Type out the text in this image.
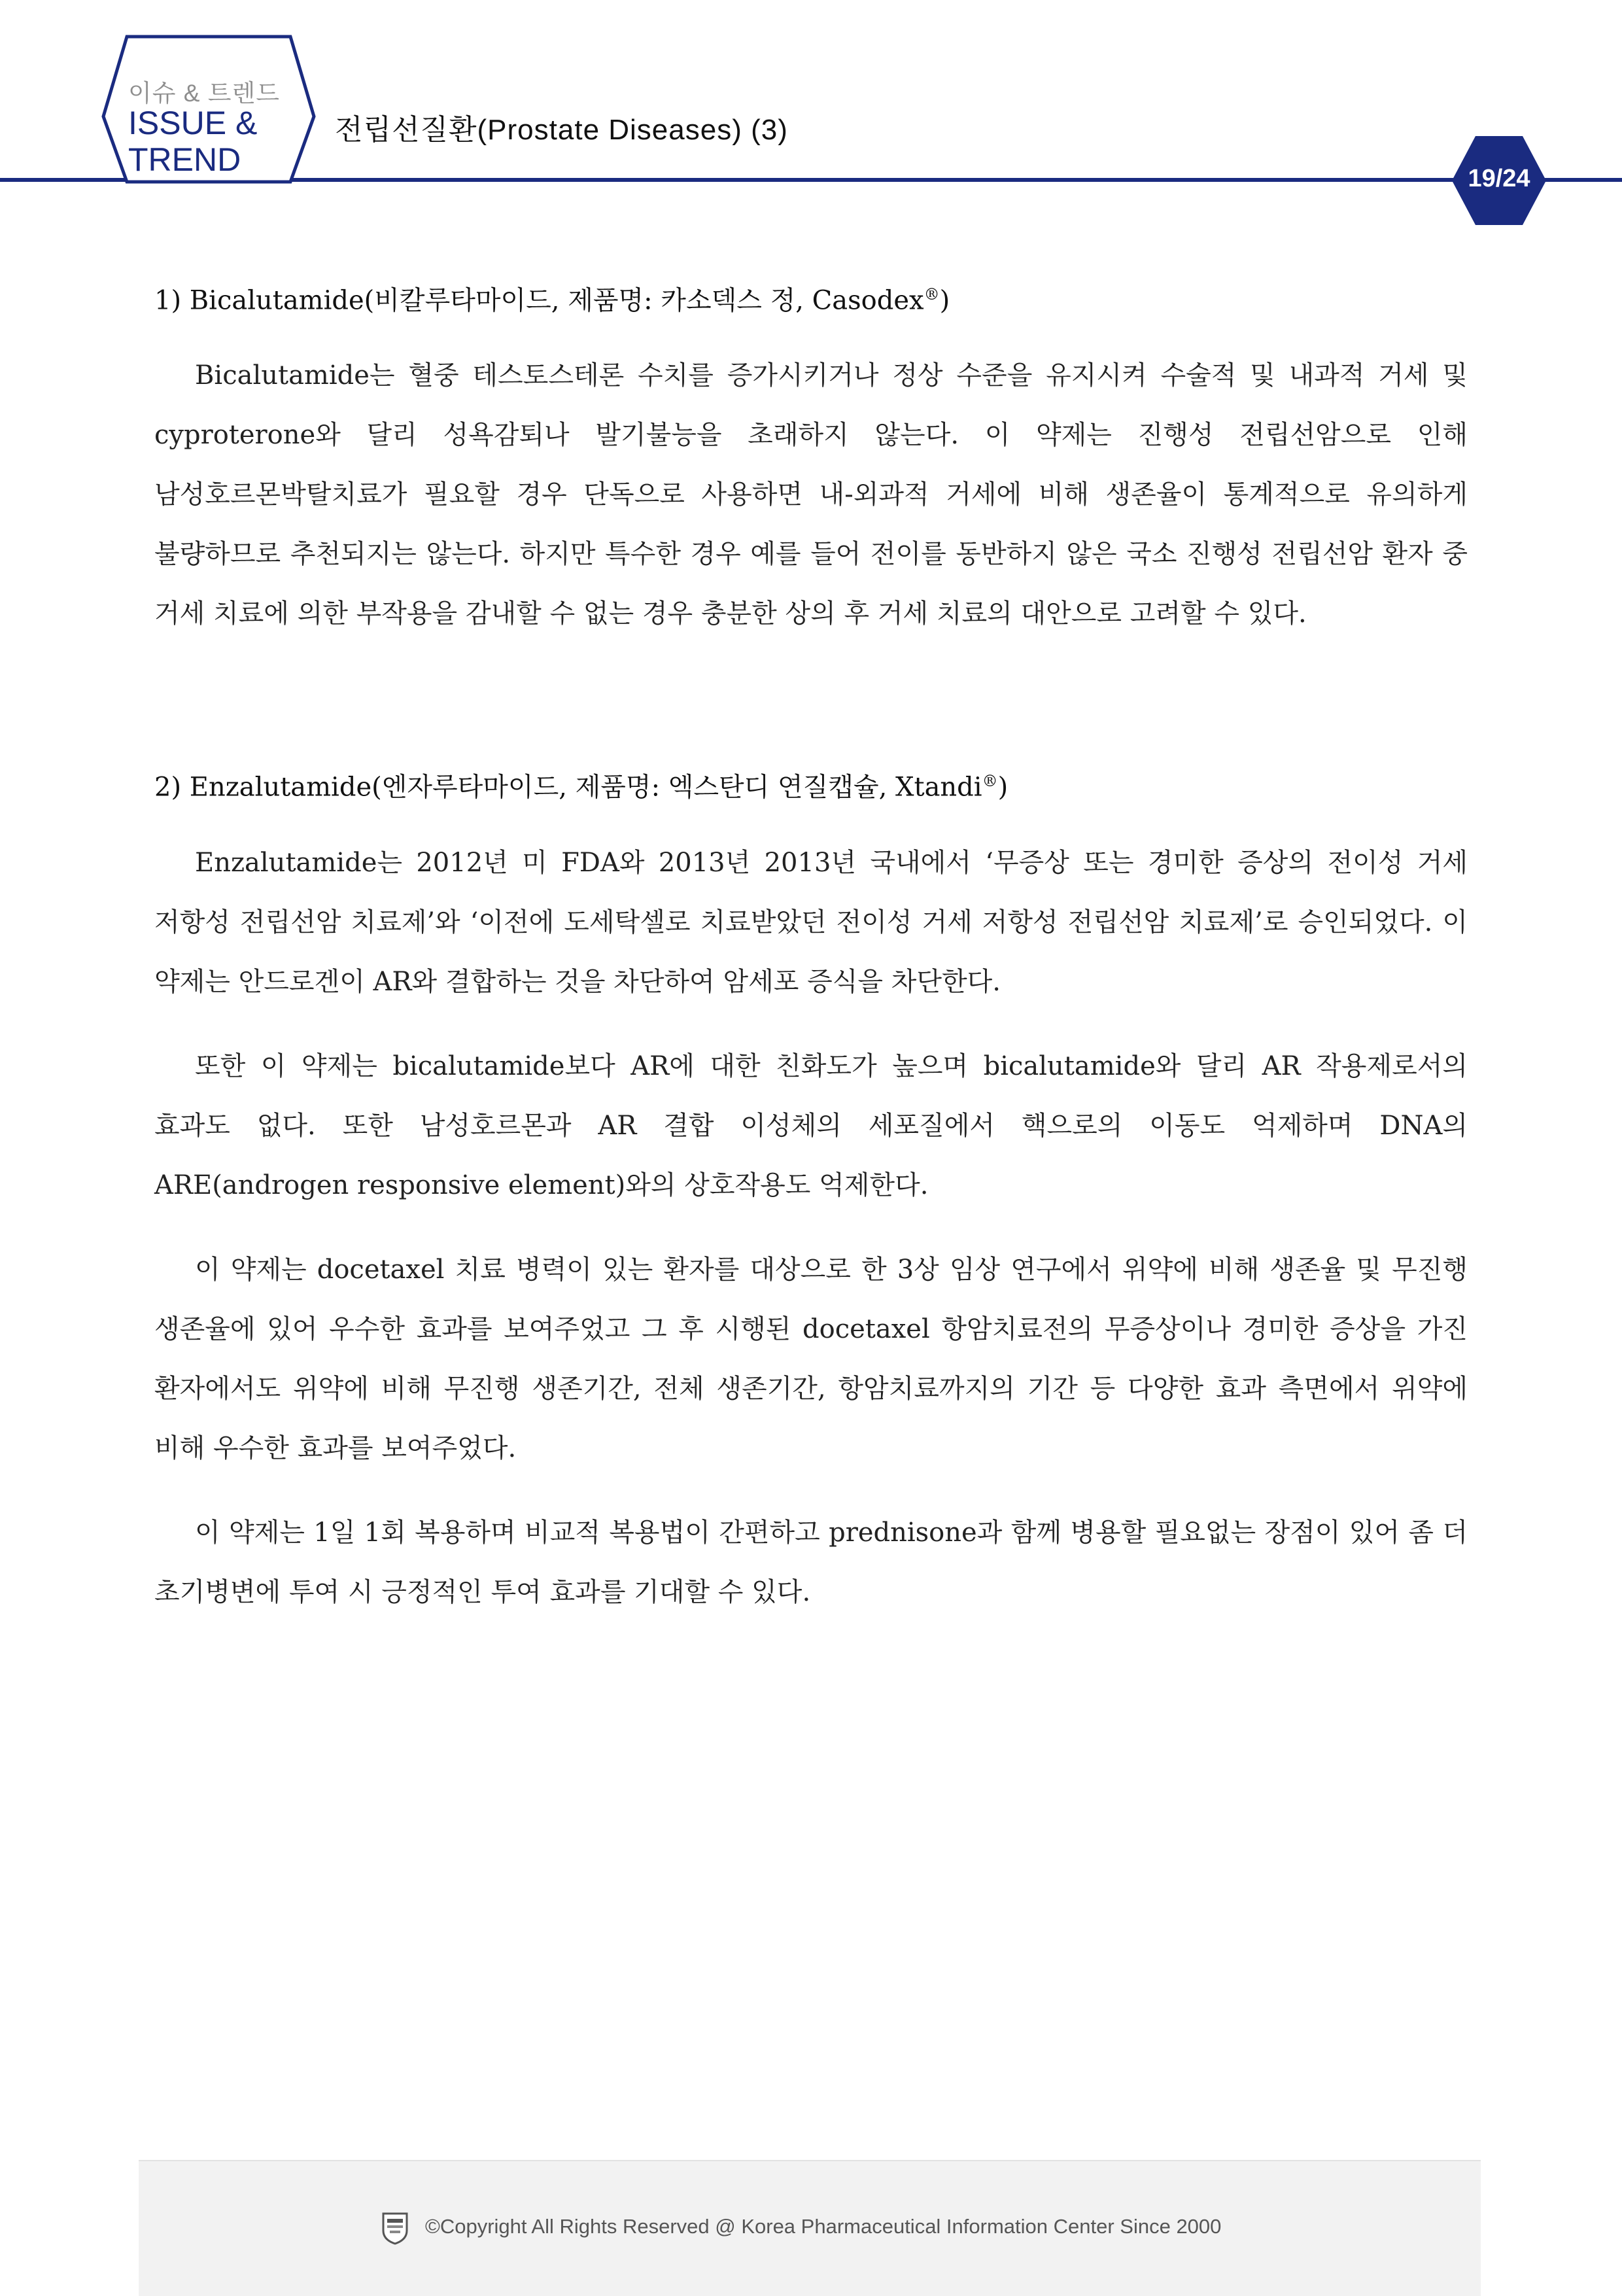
이슈 & 트렌드
ISSUE &
TREND
전립선질환(Prostate Diseases) (3)
19/24
1) Bicalutamide(비칼루타마이드, 제품명: 카소덱스 정, Casodex®)

Bicalutamide는 혈중 테스토스테론 수치를 증가시키거나 정상 수준을 유지시켜 수술적 및 내과적 거세 및 cyproterone와 달리 성욕감퇴나 발기불능을 초래하지 않는다. 이 약제는 진행성 전립선암으로 인해 남성호르몬박탈치료가 필요할 경우 단독으로 사용하면 내-외과적 거세에 비해 생존율이 통계적으로 유의하게 불량하므로 추천되지는 않는다. 하지만 특수한 경우 예를 들어 전이를 동반하지 않은 국소 진행성 전립선암 환자 중 거세 치료에 의한 부작용을 감내할 수 없는 경우 충분한 상의 후 거세 치료의 대안으로 고려할 수 있다.

2) Enzalutamide(엔자루타마이드, 제품명: 엑스탄디 연질캡슐, Xtandi®)

Enzalutamide는 2012년 미 FDA와 2013년 2013년 국내에서 ‘무증상 또는 경미한 증상의 전이성 거세 저항성 전립선암 치료제’와 ‘이전에 도세탁셀로 치료받았던 전이성 거세 저항성 전립선암 치료제’로 승인되었다. 이 약제는 안드로겐이 AR와 결합하는 것을 차단하여 암세포 증식을 차단한다.

또한 이 약제는 bicalutamide보다 AR에 대한 친화도가 높으며 bicalutamide와 달리 AR 작용제로서의 효과도 없다. 또한 남성호르몬과 AR 결합 이성체의 세포질에서 핵으로의 이동도 억제하며 DNA의 ARE(androgen responsive element)와의 상호작용도 억제한다.

이 약제는 docetaxel 치료 병력이 있는 환자를 대상으로 한 3상 임상 연구에서 위약에 비해 생존율 및 무진행 생존율에 있어 우수한 효과를 보여주었고 그 후 시행된 docetaxel 항암치료전의 무증상이나 경미한 증상을 가진 환자에서도 위약에 비해 무진행 생존기간, 전체 생존기간, 항암치료까지의 기간 등 다양한 효과 측면에서 위약에 비해 우수한 효과를 보여주었다.

이 약제는 1일 1회 복용하며 비교적 복용법이 간편하고 prednisone과 함께 병용할 필요없는 장점이 있어 좀 더 초기병변에 투여 시 긍정적인 투여 효과를 기대할 수 있다.

©Copyright All Rights Reserved @ Korea Pharmaceutical Information Center Since 2000
